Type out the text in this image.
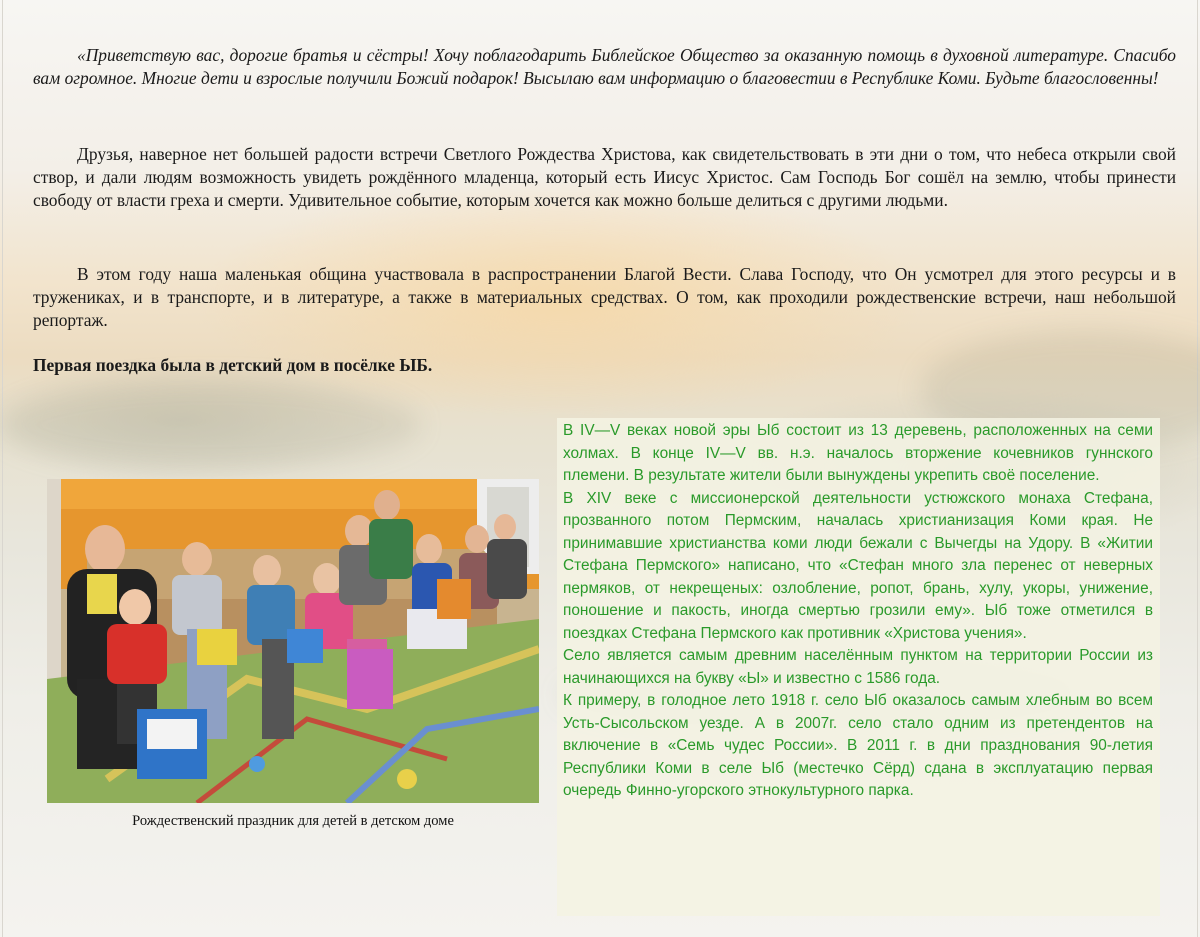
«Приветствую вас, дорогие братья и сёстры! Хочу поблагодарить Библейское Общество за оказанную помощь в духовной литературе. Спасибо вам огромное. Многие дети и взрослые получили Божий подарок! Высылаю вам информацию о благовестии в Республике Коми. Будьте благословенны!

Друзья, наверное нет большей радости встречи Светлого Рождества Христова, как свидетельствовать в эти дни о том, что небеса открыли свой створ, и дали людям возможность увидеть рождённого младенца, который есть Иисус Христос. Сам Господь Бог сошёл на землю, чтобы принести свободу от власти греха и смерти. Удивительное событие, которым хочется как можно больше делиться с другими людьми.

В этом году наша маленькая община участвовала в распространении Благой Вести. Слава Господу, что Он усмотрел для этого ресурсы и в тружениках, и в транспорте, и в литературе, а также в материальных средствах. О том, как проходили рождественские встречи, наш небольшой репортаж.

Первая поездка была в детский дом в посёлке ЫБ.

Рождественский праздник для детей в детском доме

В IV—V веках новой эры Ыб состоит из 13 деревень, расположенных на семи холмах. В конце IV—V вв. н.э. началось вторжение кочевников гуннского племени. В результате жители были вынуждены укрепить своё поселение.

В XIV веке с миссионерской деятельности устюжского монаха Стефана, прозванного потом Пермским, началась христианизация Коми края. Не принимавшие христианства коми люди бежали с Вычегды на Удору. В «Житии Стефана Пермского» написано, что «Стефан много зла перенес от неверных пермяков, от некрещеных: озлобление, ропот, брань, хулу, укоры, унижение, поношение и пакость, иногда смертью грозили ему». Ыб тоже отметился в поездках Стефана Пермского как противник «Христова учения».

Село является самым древним населённым пунктом на территории России из начинающихся на букву «Ы» и известно с 1586 года.

К примеру, в голодное лето 1918 г. село Ыб оказалось самым хлебным во всем Усть-Сысольском уезде. А в 2007г. село стало одним из претендентов на включение в «Семь чудес России». В 2011 г. в дни празднования 90-летия Республики Коми в селе Ыб (местечко Сёрд) сдана в эксплуатацию первая очередь Финно-угорского этнокультурного парка.
